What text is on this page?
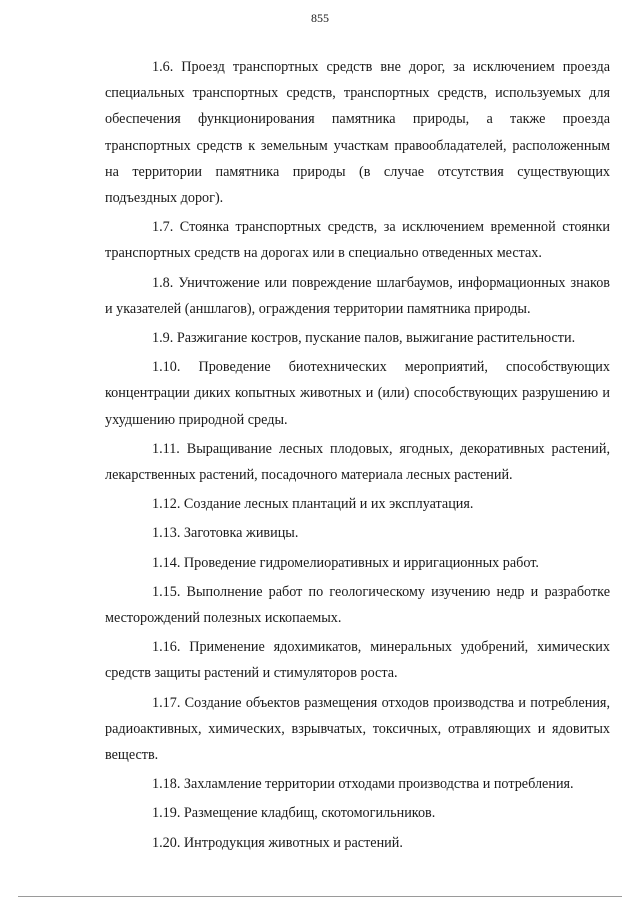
855

1.6. Проезд транспортных средств вне дорог, за исключением проезда специальных транспортных средств, транспортных средств, используемых для обеспечения функционирования памятника природы, а также проезда транспортных средств к земельным участкам правообладателей, расположенным на территории памятника природы (в случае отсутствия существующих подъездных дорог).

1.7. Стоянка транспортных средств, за исключением временной стоянки транспортных средств на дорогах или в специально отведенных местах.

1.8. Уничтожение или повреждение шлагбаумов, информационных знаков и указателей (аншлагов), ограждения территории памятника природы.

1.9. Разжигание костров, пускание палов, выжигание растительности.

1.10. Проведение биотехнических мероприятий, способствующих концентрации диких копытных животных и (или) способствующих разрушению и ухудшению природной среды.

1.11. Выращивание лесных плодовых, ягодных, декоративных растений, лекарственных растений, посадочного материала лесных растений.

1.12. Создание лесных плантаций и их эксплуатация.

1.13. Заготовка живицы.

1.14. Проведение гидромелиоративных и ирригационных работ.

1.15. Выполнение работ по геологическому изучению недр и разработке месторождений полезных ископаемых.

1.16. Применение ядохимикатов, минеральных удобрений, химических средств защиты растений и стимуляторов роста.

1.17. Создание объектов размещения отходов производства и потребления, радиоактивных, химических, взрывчатых, токсичных, отравляющих и ядовитых веществ.

1.18. Захламление территории отходами производства и потребления.

1.19. Размещение кладбищ, скотомогильников.

1.20. Интродукция животных и растений.
